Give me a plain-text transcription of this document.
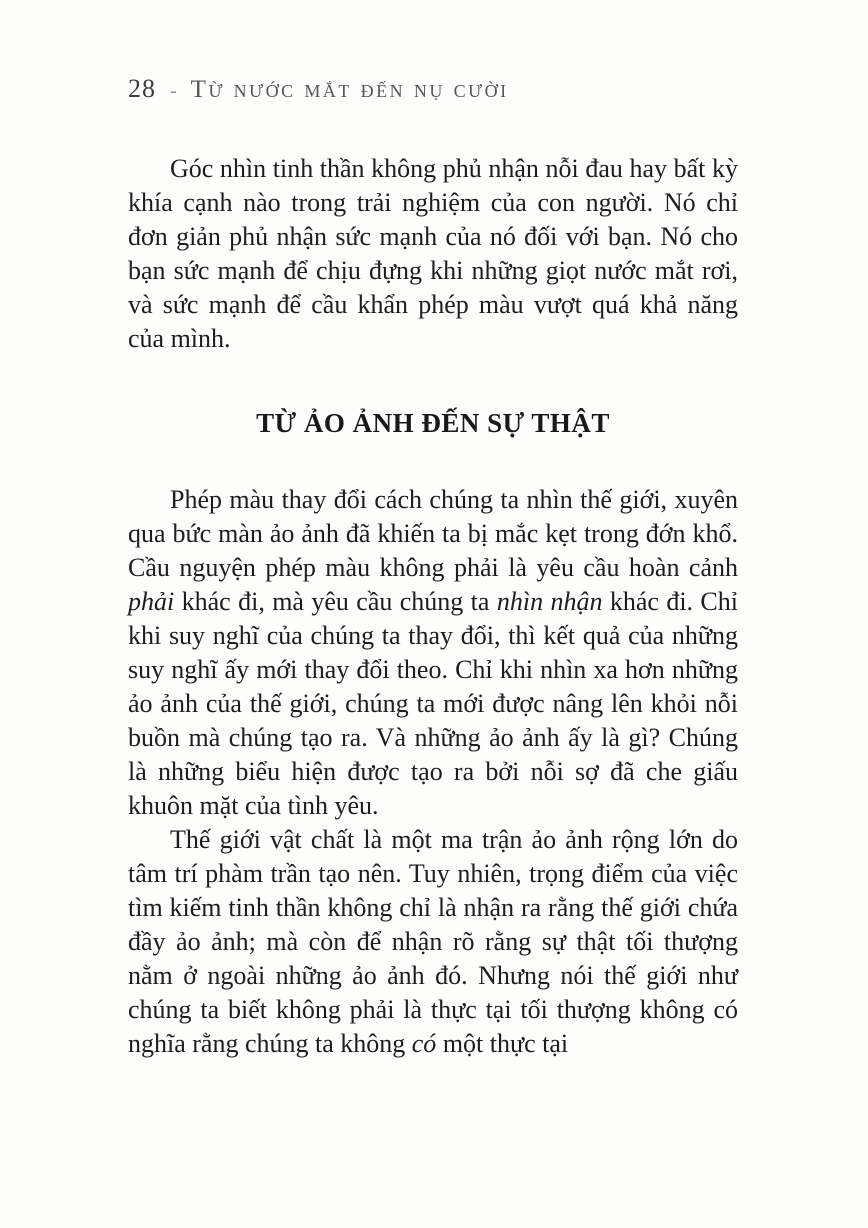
28 - Từ nước mắt đến nụ cười

Góc nhìn tinh thần không phủ nhận nỗi đau hay bất kỳ khía cạnh nào trong trải nghiệm của con người. Nó chỉ đơn giản phủ nhận sức mạnh của nó đối với bạn. Nó cho bạn sức mạnh để chịu đựng khi những giọt nước mắt rơi, và sức mạnh để cầu khẩn phép màu vượt quá khả năng của mình.

TỪ ẢO ẢNH ĐẾN SỰ THẬT

Phép màu thay đổi cách chúng ta nhìn thế giới, xuyên qua bức màn ảo ảnh đã khiến ta bị mắc kẹt trong đớn khổ. Cầu nguyện phép màu không phải là yêu cầu hoàn cảnh phải khác đi, mà yêu cầu chúng ta nhìn nhận khác đi. Chỉ khi suy nghĩ của chúng ta thay đổi, thì kết quả của những suy nghĩ ấy mới thay đổi theo. Chỉ khi nhìn xa hơn những ảo ảnh của thế giới, chúng ta mới được nâng lên khỏi nỗi buồn mà chúng tạo ra. Và những ảo ảnh ấy là gì? Chúng là những biểu hiện được tạo ra bởi nỗi sợ đã che giấu khuôn mặt của tình yêu.

Thế giới vật chất là một ma trận ảo ảnh rộng lớn do tâm trí phàm trần tạo nên. Tuy nhiên, trọng điểm của việc tìm kiếm tinh thần không chỉ là nhận ra rằng thế giới chứa đầy ảo ảnh; mà còn để nhận rõ rằng sự thật tối thượng nằm ở ngoài những ảo ảnh đó. Nhưng nói thế giới như chúng ta biết không phải là thực tại tối thượng không có nghĩa rằng chúng ta không có một thực tại
